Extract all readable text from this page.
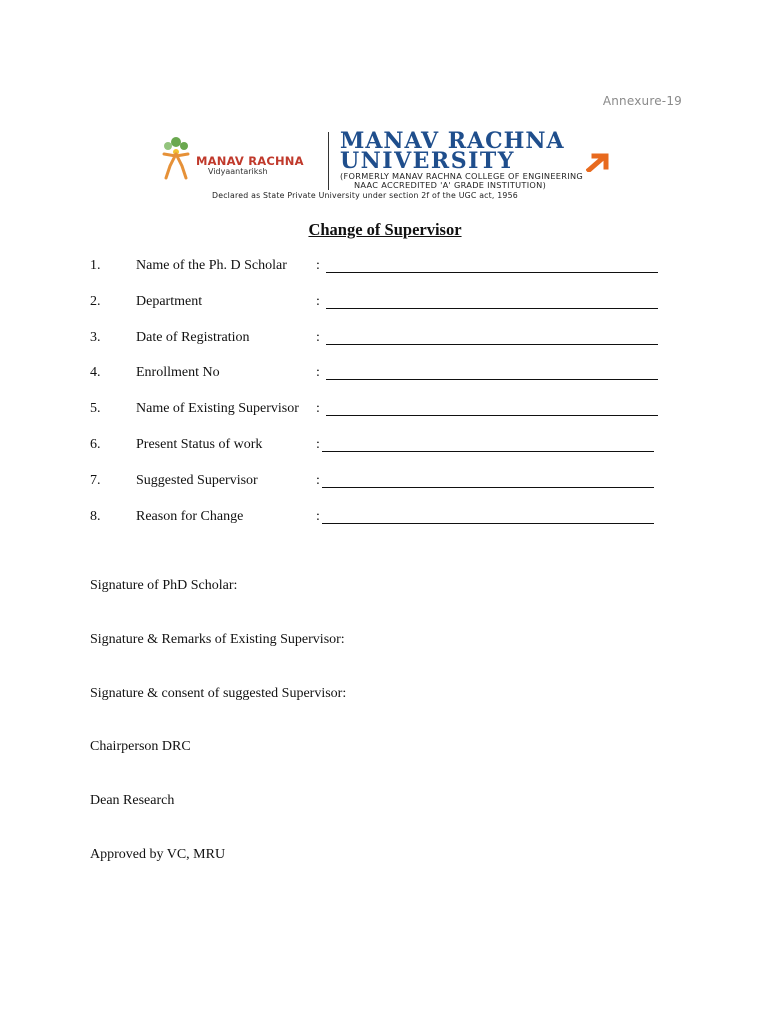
Annexure-19
MANAV RACHNA
Vidyaantariksh
MANAV RACHNA
UNIVERSITY
(FORMERLY MANAV RACHNA COLLEGE OF ENGINEERING
NAAC ACCREDITED 'A' GRADE INSTITUTION)
Declared as State Private University under section 2f of the UGC act, 1956
Change of Supervisor
1.	Name of the Ph. D Scholar :
2.	Department	:
3.	Date of Registration	:
4.	Enrollment No	:
5.	Name of Existing Supervisor :
6.	Present Status of work	:
7.	Suggested Supervisor	:
8.	Reason for Change	:
Signature of PhD Scholar:
Signature & Remarks of Existing Supervisor:
Signature & consent of suggested Supervisor:
Chairperson DRC
Dean Research
Approved by VC, MRU
